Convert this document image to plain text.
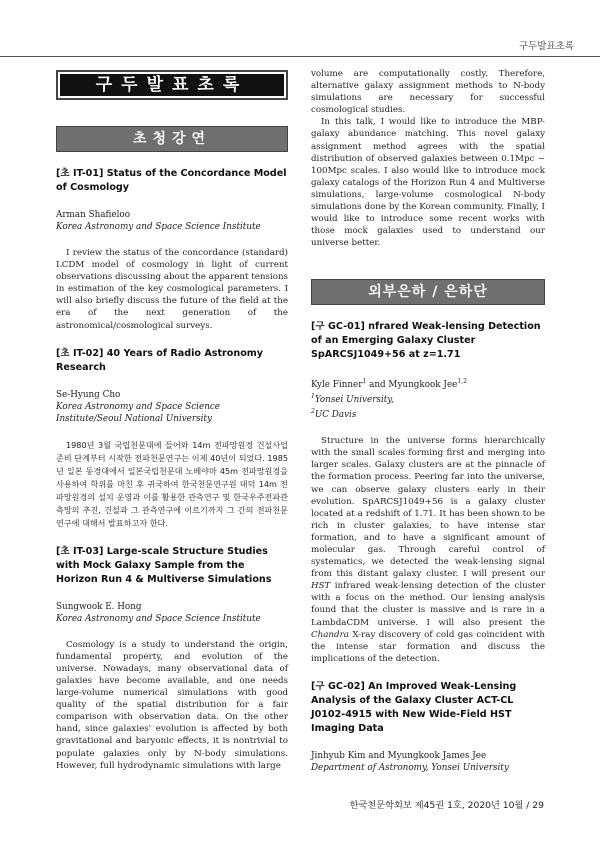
구두발표초록
구두발표초록
초청강연
[초 IT-01] Status of the Concordance Model of Cosmology
Arman Shafieloo
Korea Astronomy and Space Science Institute
I review the status of the concordance (standard) LCDM model of cosmology in light of current observations discussing about the apparent tensions in estimation of the key cosmological parameters. I will also briefly discuss the future of the field at the era of the next generation of the astronomical/cosmological surveys.
[초 IT-02] 40 Years of Radio Astronomy Research
Se-Hyung Cho
Korea Astronomy and Space Science Institute/Seoul National University
1980년 3월 국립천문대에 들어와 14m 전파망원경 건설사업 준비 단계부터 시작한 전파천문연구는 이제 40년이 되었다. 1985년 일본 동경대에서 일본국립천문대 노베야마 45m 전파망원경을 사용하여 학위를 마친 후 귀국하여 한국천문연구원 대덕 14m 전파망원경의 설치 운영과 이를 활용한 관측연구 및 한국우주전파관측망의 추진, 건설과 그 관측연구에 이르기까지 그 간의 전파천문연구에 대해서 발표하고자 한다.
[초 IT-03] Large-scale Structure Studies with Mock Galaxy Sample from the Horizon Run 4 & Multiverse Simulations
Sungwook E. Hong
Korea Astronomy and Space Science Institute
Cosmology is a study to understand the origin, fundamental property, and evolution of the universe. Nowadays, many observational data of galaxies have become available, and one needs large-volume numerical simulations with good quality of the spatial distribution for a fair comparison with observation data. On the other hand, since galaxies' evolution is affected by both gravitational and baryonic effects, it is nontrivial to populate galaxies only by N-body simulations. However, full hydrodynamic simulations with large
volume are computationally costly. Therefore, alternative galaxy assignment methods to N-body simulations are necessary for successful cosmological studies.
In this talk, I would like to introduce the MBP-galaxy abundance matching. This novel galaxy assignment method agrees with the spatial distribution of observed galaxies between 0.1Mpc ~ 100Mpc scales. I also would like to introduce mock galaxy catalogs of the Horizon Run 4 and Multiverse simulations, large-volume cosmological N-body simulations done by the Korean community. Finally, I would like to introduce some recent works with those mock galaxies used to understand our universe better.
외부은하 / 은하단
[구 GC-01] nfrared Weak-lensing Detection of an Emerging Galaxy Cluster SpARCSJ1049+56 at z=1.71
Kyle Finner$^1$ and Myungkook Jee$^{1,2}$
$^1$Yonsei University,
$^2$UC Davis
Structure in the universe forms hierarchically with the small scales forming first and merging into larger scales. Galaxy clusters are at the pinnacle of the formation process. Peering far into the universe, we can observe galaxy clusters early in their evolution. SpARCSJ1049+56 is a galaxy cluster located at a redshift of 1.71. It has been shown to be rich in cluster galaxies, to have intense star formation, and to have a significant amount of molecular gas. Through careful control of systematics, we detected the weak-lensing signal from this distant galaxy cluster. I will present our HST infrared weak-lensing detection of the cluster with a focus on the method. Our lensing analysis found that the cluster is massive and is rare in a LambdaCDM universe. I will also present the Chandra X-ray discovery of cold gas coincident with the intense star formation and discuss the implications of the detection.
[구 GC-02] An Improved Weak-Lensing Analysis of the Galaxy Cluster ACT-CL J0102-4915 with New Wide-Field HST Imaging Data
Jinhyub Kim and Myungkook James Jee
Department of Astronomy, Yonsei University
한국천문학회보 제45권 1호, 2020년 10월 / 29
